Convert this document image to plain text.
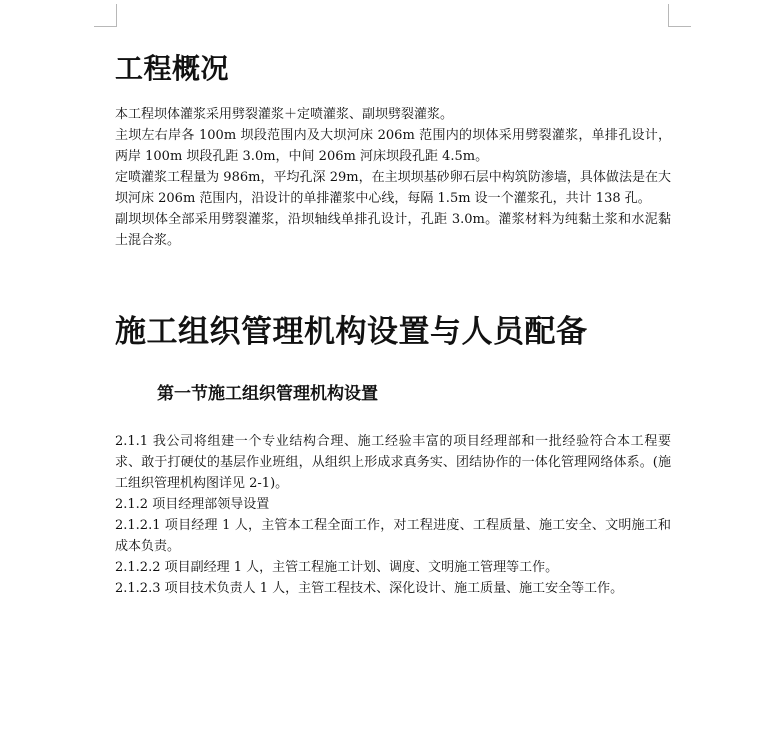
工程概况

本工程坝体灌浆采用劈裂灌浆＋定喷灌浆、副坝劈裂灌浆。

主坝左右岸各 100m 坝段范围内及大坝河床 206m 范围内的坝体采用劈裂灌浆，单排孔设计，两岸 100m 坝段孔距 3.0m，中间 206m 河床坝段孔距 4.5m。

定喷灌浆工程量为 986m，平均孔深 29m，在主坝坝基砂卵石层中构筑防渗墙，具体做法是在大坝河床 206m 范围内，沿设计的单排灌浆中心线，每隔 1.5m 设一个灌浆孔，共计 138 孔。

副坝坝体全部采用劈裂灌浆，沿坝轴线单排孔设计，孔距 3.0m。灌浆材料为纯黏土浆和水泥黏土混合浆。

施工组织管理机构设置与人员配备
第一节施工组织管理机构设置

2.1.1 我公司将组建一个专业结构合理、施工经验丰富的项目经理部和一批经验符合本工程要求、敢于打硬仗的基层作业班组，从组织上形成求真务实、团结协作的一体化管理网络体系。(施工组织管理机构图详见 2-1)。

2.1.2 项目经理部领导设置

2.1.2.1 项目经理 1 人，主管本工程全面工作，对工程进度、工程质量、施工安全、文明施工和成本负责。

2.1.2.2 项目副经理 1 人，主管工程施工计划、调度、文明施工管理等工作。

2.1.2.3 项目技术负责人 1 人，主管工程技术、深化设计、施工质量、施工安全等工作。
